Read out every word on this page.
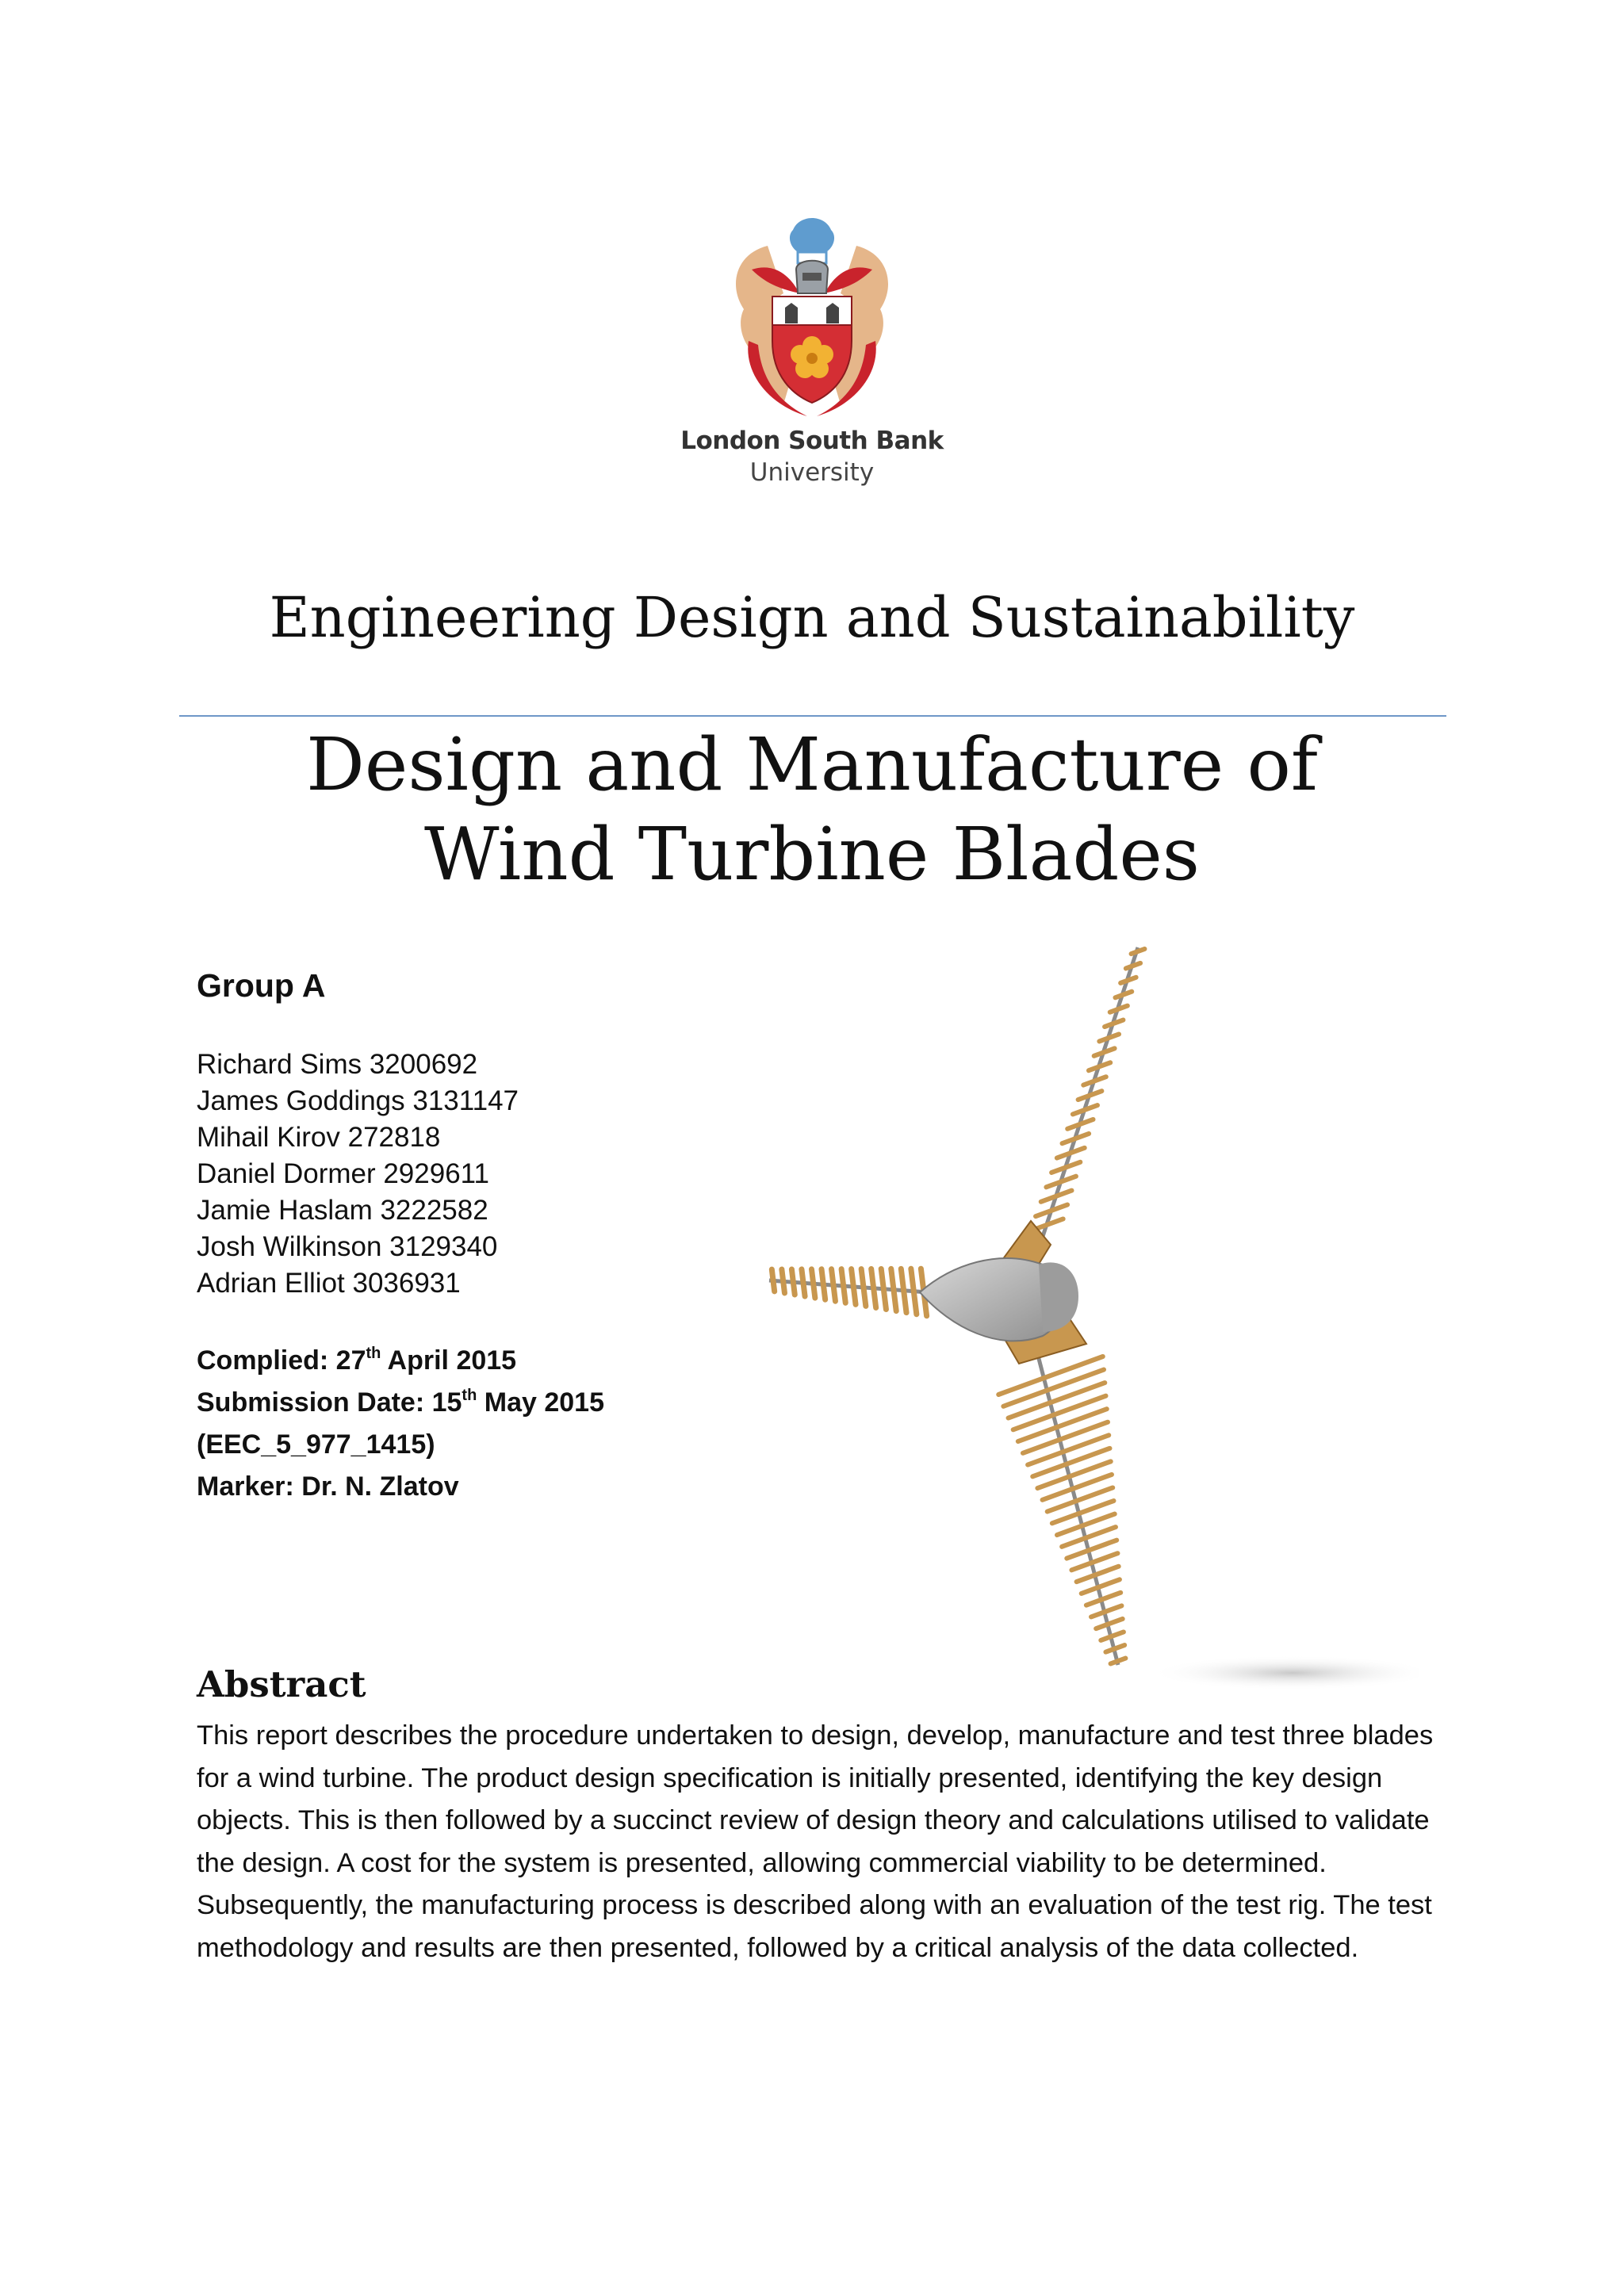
London South Bank
University
Engineering Design and Sustainability
Design and Manufacture of
Wind Turbine Blades
Group A
Richard Sims 3200692
James Goddings 3131147
Mihail Kirov 272818
Daniel Dormer 2929611
Jamie Haslam 3222582
Josh Wilkinson 3129340
Adrian Elliot 3036931
Complied: 27th April 2015
Submission Date: 15th May 2015
(EEC_5_977_1415)
Marker: Dr. N. Zlatov
Abstract

This report describes the procedure undertaken to design, develop, manufacture and test three blades for a wind turbine. The product design specification is initially presented, identifying the key design objects. This is then followed by a succinct review of design theory and calculations utilised to validate the design. A cost for the system is presented, allowing commercial viability to be determined. Subsequently, the manufacturing process is described along with an evaluation of the test rig. The test methodology and results are then presented, followed by a critical analysis of the data collected.
